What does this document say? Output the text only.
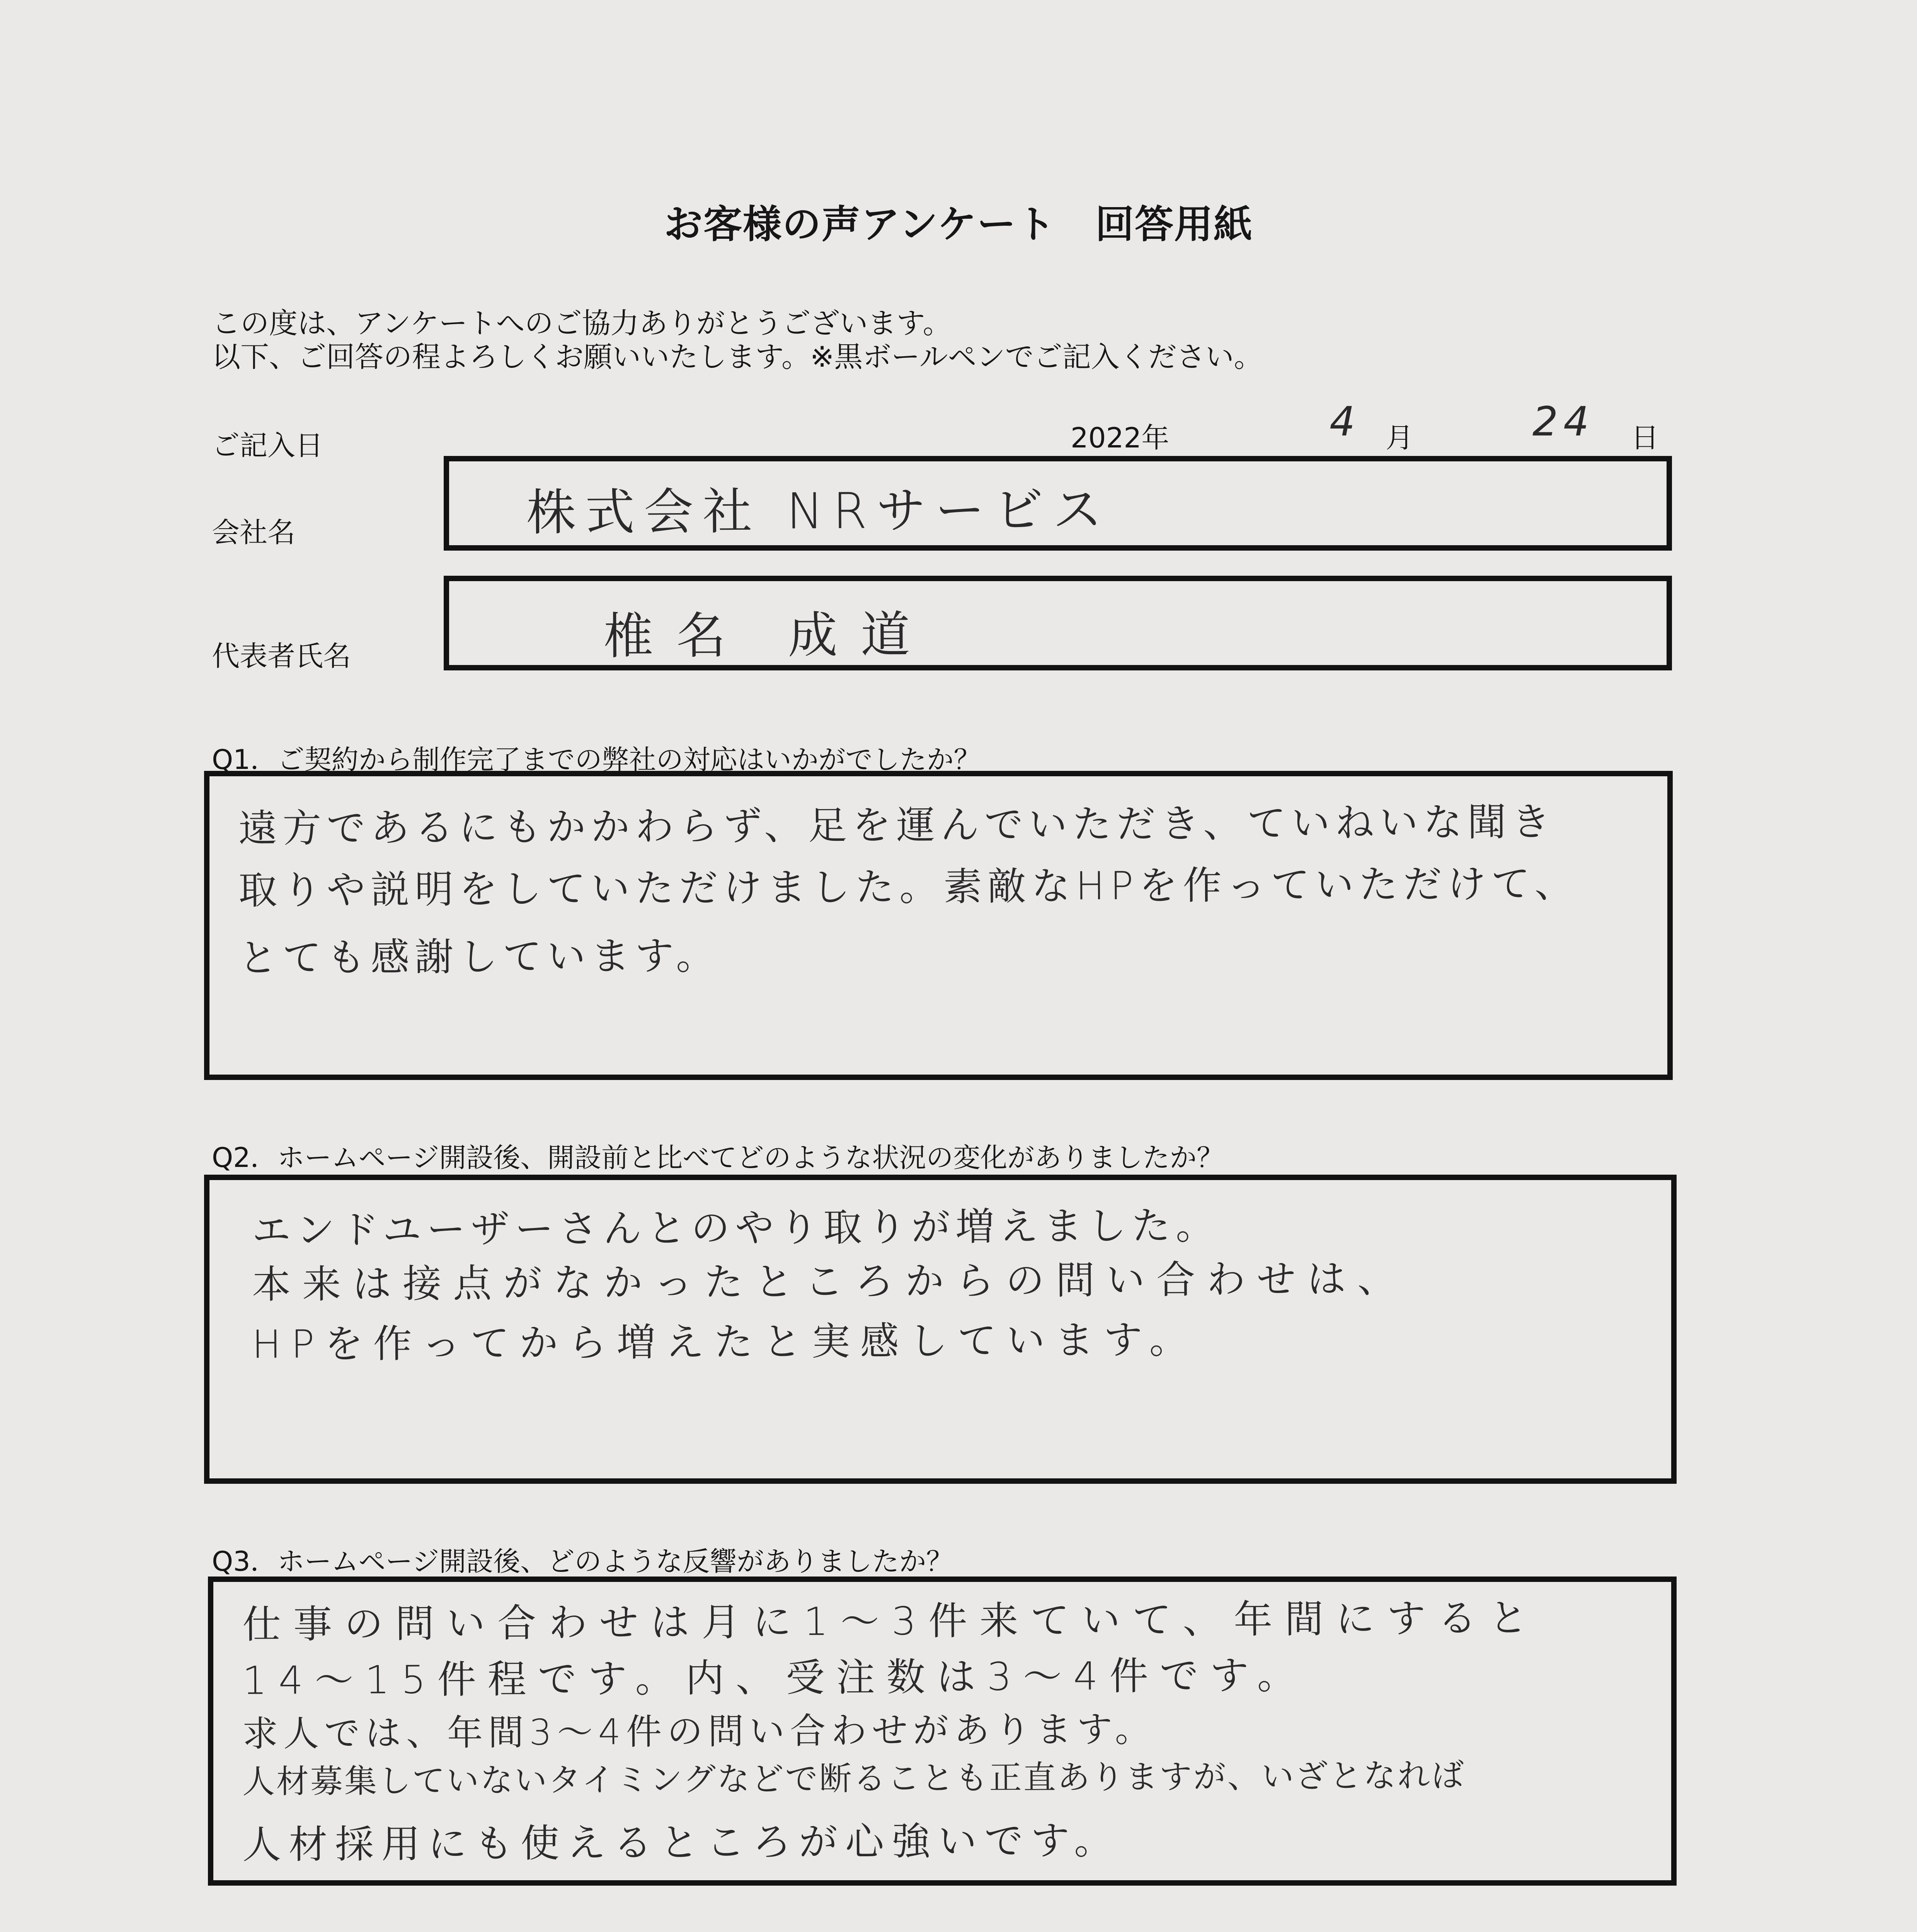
お客様の声アンケート　回答用紙
この度は、アンケートへのご協力ありがとうございます。
以下、ご回答の程よろしくお願いいたします。※黒ボールペンでご記入ください。
ご記入日	2022年	4 月	24 日
会社名	株式会社 NRサービス
代表者氏名	椎名 成道
Q1．ご契約から制作完了までの弊社の対応はいかがでしたか？
遠方であるにもかかわらず、足を運んでいただき、ていねいな聞き
取りや説明をしていただけました。素敵なHPを作っていただけて、
とても感謝しています。
Q2．ホームページ開設後、開設前と比べてどのような状況の変化がありましたか？
エンドユーザーさんとのやり取りが増えました。
本来は接点がなかったところからの問い合わせは、
HPを作ってから増えたと実感しています。
Q3．ホームページ開設後、どのような反響がありましたか？
仕事の問い合わせは月に1〜3件来ていて、年間にすると
14〜15件程です。内、受注数は3〜4件です。
求人では、年間3〜4件の問い合わせがあります。
人材募集していないタイミングなどで断ることも正直ありますが、いざとなれば
人材採用にも使えるところが心強いです。
